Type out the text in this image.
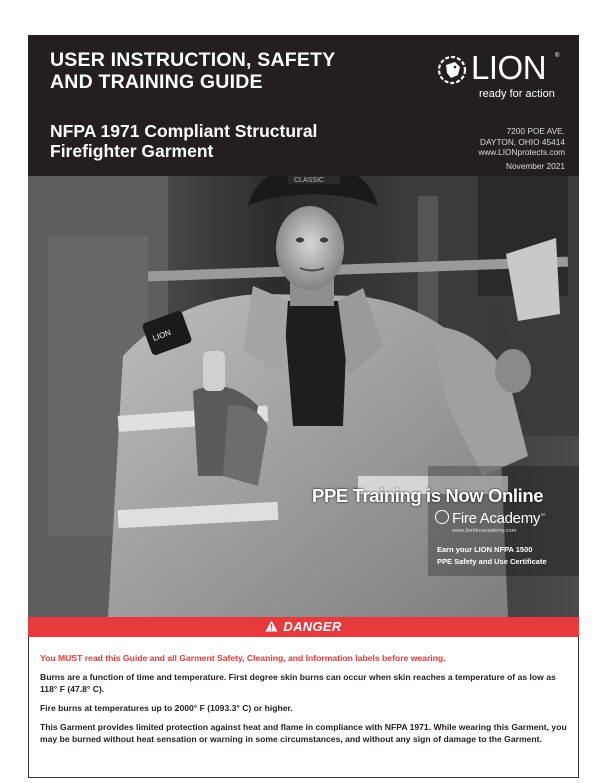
USER INSTRUCTION, SAFETY
AND TRAINING GUIDE
NFPA 1971 Compliant Structural
Firefighter Garment
LION ®
ready for action
7200 POE AVE.
DAYTON, OHIO 45414
www.LIONprotects.com
November 2021
LION
CLASSIC
PPE Training is Now Online
Fire Academy™
www.lionfireacademy.com
Earn your LION NFPA 1500
PPE Safety and Use Certificate
DANGER

You MUST read this Guide and all Garment Safety, Cleaning, and Information labels before wearing.

Burns are a function of time and temperature. First degree skin burns can occur when skin reaches a temperature of as low as 118° F (47.8° C).

Fire burns at temperatures up to 2000° F (1093.3° C) or higher.

This Garment provides limited protection against heat and flame in compliance with NFPA 1971. While wearing this Garment, you may be burned without heat sensation or warning in some circumstances, and without any sign of damage to the Garment.
